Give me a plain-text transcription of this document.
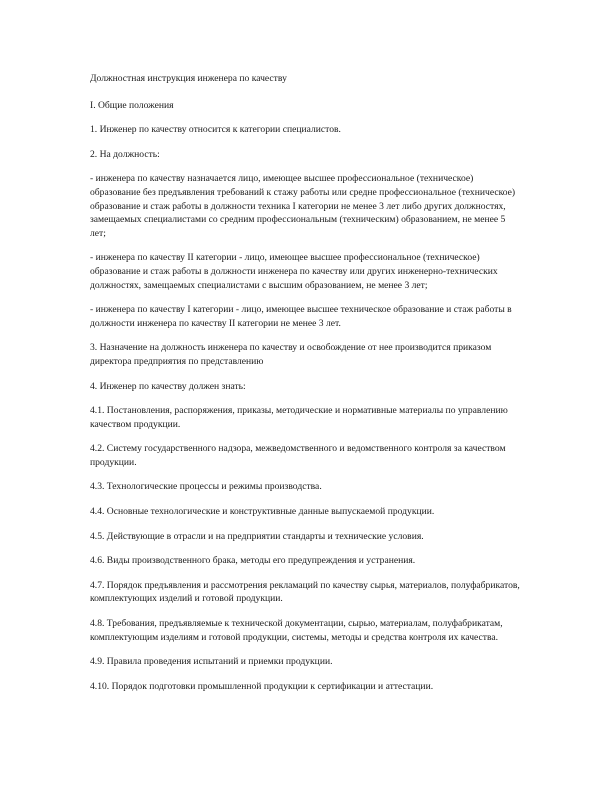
Должностная инструкция инженера по качеству

I. Общие положения

1. Инженер по качеству относится к категории специалистов.

2. На должность:

- инженера по качеству назначается лицо, имеющее высшее профессиональное (техническое) образование без предъявления требований к стажу работы или средне профессиональное (техническое) образование и стаж работы в должности техника I категории не менее 3 лет либо других должностях, замещаемых специалистами со средним профессиональным (техническим) образованием, не менее 5 лет;

- инженера по качеству II категории - лицо, имеющее высшее профессиональное (техническое) образование и стаж работы в должности инженера по качеству или других инженерно-технических должностях, замещаемых специалистами с высшим образованием, не менее 3 лет;

- инженера по качеству I категории - лицо, имеющее высшее техническое образование и стаж работы в должности инженера по качеству II категории не менее 3 лет.

3. Назначение на должность инженера по качеству и освобождение от нее производится приказом директора предприятия по представлению

4. Инженер по качеству должен знать:

4.1. Постановления, распоряжения, приказы, методические и нормативные материалы по управлению качеством продукции.

4.2. Систему государственного надзора, межведомственного и ведомственного контроля за качеством продукции.

4.3. Технологические процессы и режимы производства.

4.4. Основные технологические и конструктивные данные выпускаемой продукции.

4.5. Действующие в отрасли и на предприятии стандарты и технические условия.

4.6. Виды производственного брака, методы его предупреждения и устранения.

4.7. Порядок предъявления и рассмотрения рекламаций по качеству сырья, материалов, полуфабрикатов, комплектующих изделий и готовой продукции.

4.8. Требования, предъявляемые к технической документации, сырью, материалам, полуфабрикатам, комплектующим изделиям и готовой продукции, системы, методы и средства контроля их качества.

4.9. Правила проведения испытаний и приемки продукции.

4.10. Порядок подготовки промышленной продукции к сертификации и аттестации.
